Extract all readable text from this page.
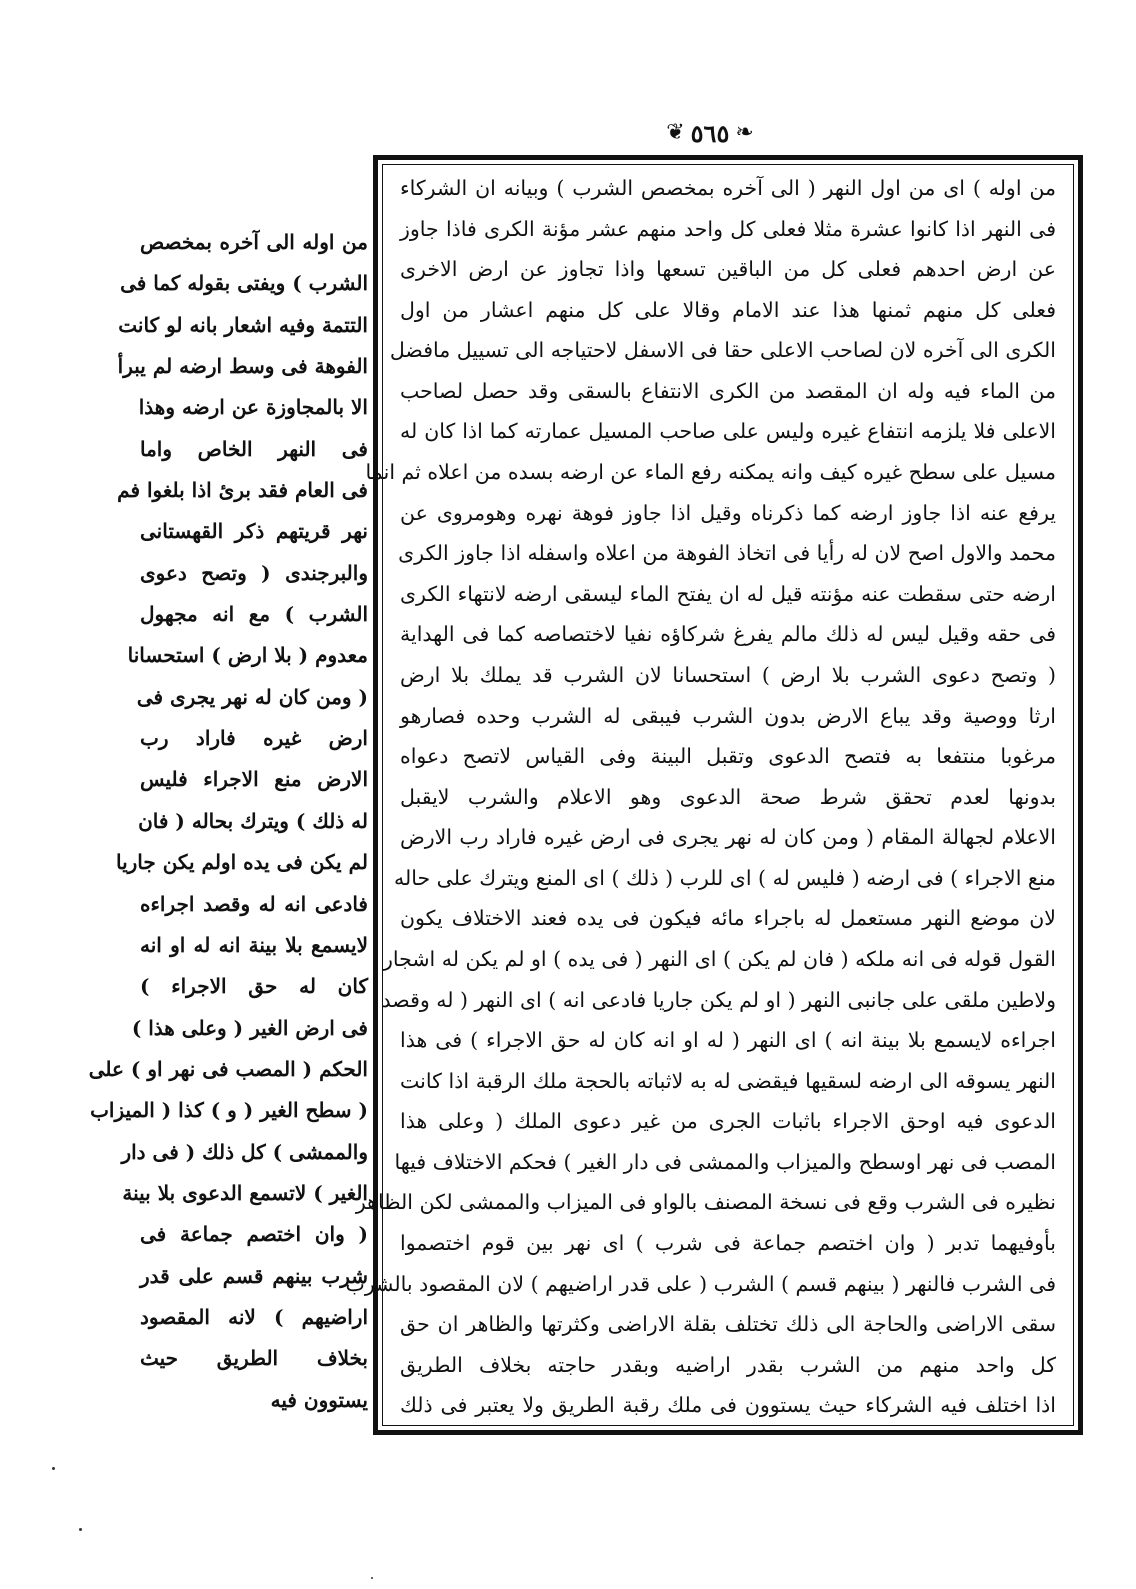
❦ ٥٦٥ ❧
من اوله ) اى من اول النهر ( الى آخره بمخصص الشرب ) وبيانه ان الشركاء
فى النهر اذا كانوا عشرة مثلا فعلى كل واحد منهم عشر مؤنة الكرى فاذا جاوز
عن ارض احدهم فعلى كل من الباقين تسعها واذا تجاوز عن ارض الاخرى
فعلى كل منهم ثمنها هذا عند الامام وقالا على كل منهم اعشار من اول
الكرى الى آخره لان لصاحب الاعلى حقا فى الاسفل لاحتياجه الى تسييل مافضل
من الماء فيه وله ان المقصد من الكرى الانتفاع بالسقى وقد حصل لصاحب
الاعلى فلا يلزمه انتفاع غيره وليس على صاحب المسيل عمارته كما اذا كان له
مسيل على سطح غيره كيف وانه يمكنه رفع الماء عن ارضه بسده من اعلاه ثم انما
يرفع عنه اذا جاوز ارضه كما ذكرناه وقيل اذا جاوز فوهة نهره وهومروى عن
محمد والاول اصح لان له رأيا فى اتخاذ الفوهة من اعلاه واسفله اذا جاوز الكرى
ارضه حتى سقطت عنه مؤنته قيل له ان يفتح الماء ليسقى ارضه لانتهاء الكرى
فى حقه وقيل ليس له ذلك مالم يفرغ شركاؤه نفيا لاختصاصه كما فى الهداية
( وتصح دعوى الشرب بلا ارض ) استحسانا لان الشرب قد يملك بلا ارض
ارثا ووصية وقد يباع الارض بدون الشرب فيبقى له الشرب وحده فصارهو
مرغوبا منتفعا به فتصح الدعوى وتقبل البينة وفى القياس لاتصح دعواه
بدونها لعدم تحقق شرط صحة الدعوى وهو الاعلام والشرب لايقبل
الاعلام لجهالة المقام ( ومن كان له نهر يجرى فى ارض غيره فاراد رب الارض
منع الاجراء ) فى ارضه ( فليس له ) اى للرب ( ذلك ) اى المنع ويترك على حاله
لان موضع النهر مستعمل له باجراء مائه فيكون فى يده فعند الاختلاف يكون
القول قوله فى انه ملكه ( فان لم يكن ) اى النهر ( فى يده ) او لم يكن له اشجار
ولاطين ملقى على جانبى النهر ( او لم يكن جاريا فادعى انه ) اى النهر ( له وقصد
اجراءه لايسمع بلا بينة انه ) اى النهر ( له او انه كان له حق الاجراء ) فى هذا
النهر يسوقه الى ارضه لسقيها فيقضى له به لاثباته بالحجة ملك الرقبة اذا كانت
الدعوى فيه اوحق الاجراء باثبات الجرى من غير دعوى الملك ( وعلى هذا
المصب فى نهر اوسطح والميزاب والممشى فى دار الغير ) فحكم الاختلاف فيها
نظيره فى الشرب وقع فى نسخة المصنف بالواو فى الميزاب والممشى لكن الظاهر
بأوفيهما تدبر ( وان اختصم جماعة فى شرب ) اى نهر بين قوم اختصموا
فى الشرب فالنهر ( بينهم قسم ) الشرب ( على قدر اراضيهم ) لان المقصود بالشرب
سقى الاراضى والحاجة الى ذلك تختلف بقلة الاراضى وكثرتها والظاهر ان حق
كل واحد منهم من الشرب بقدر اراضيه وبقدر حاجته بخلاف الطريق
اذا اختلف فيه الشركاء حيث يستوون فى ملك رقبة الطريق ولا يعتبر فى ذلك
من اوله الى آخره بمخصص
الشرب ) ويفتى بقوله كما فى
التتمة وفيه اشعار بانه لو كانت
الفوهة فى وسط ارضه لم يبرأ
الا بالمجاوزة عن ارضه وهذا
فى النهر الخاص واما
فى العام فقد برئ اذا بلغوا فم
نهر قريتهم ذكر القهستانى
والبرجندى ( وتصح دعوى
الشرب ) مع انه مجهول
معدوم ( بلا ارض ) استحسانا
( ومن كان له نهر يجرى فى
ارض غيره فاراد رب
الارض منع الاجراء فليس
له ذلك ) ويترك بحاله ( فان
لم يكن فى يده اولم يكن جاريا
فادعى انه له وقصد اجراءه
لايسمع بلا بينة انه له او انه
كان له حق الاجراء )
فى ارض الغير ( وعلى هذا )
الحكم ( المصب فى نهر او ) على
( سطح الغير ( و ) كذا ( الميزاب
والممشى ) كل ذلك ( فى دار
الغير ) لاتسمع الدعوى بلا بينة
( وان اختصم جماعة فى
شرب بينهم قسم على قدر
اراضيهم ) لانه المقصود
بخلاف الطريق حيث
يستوون فيه
